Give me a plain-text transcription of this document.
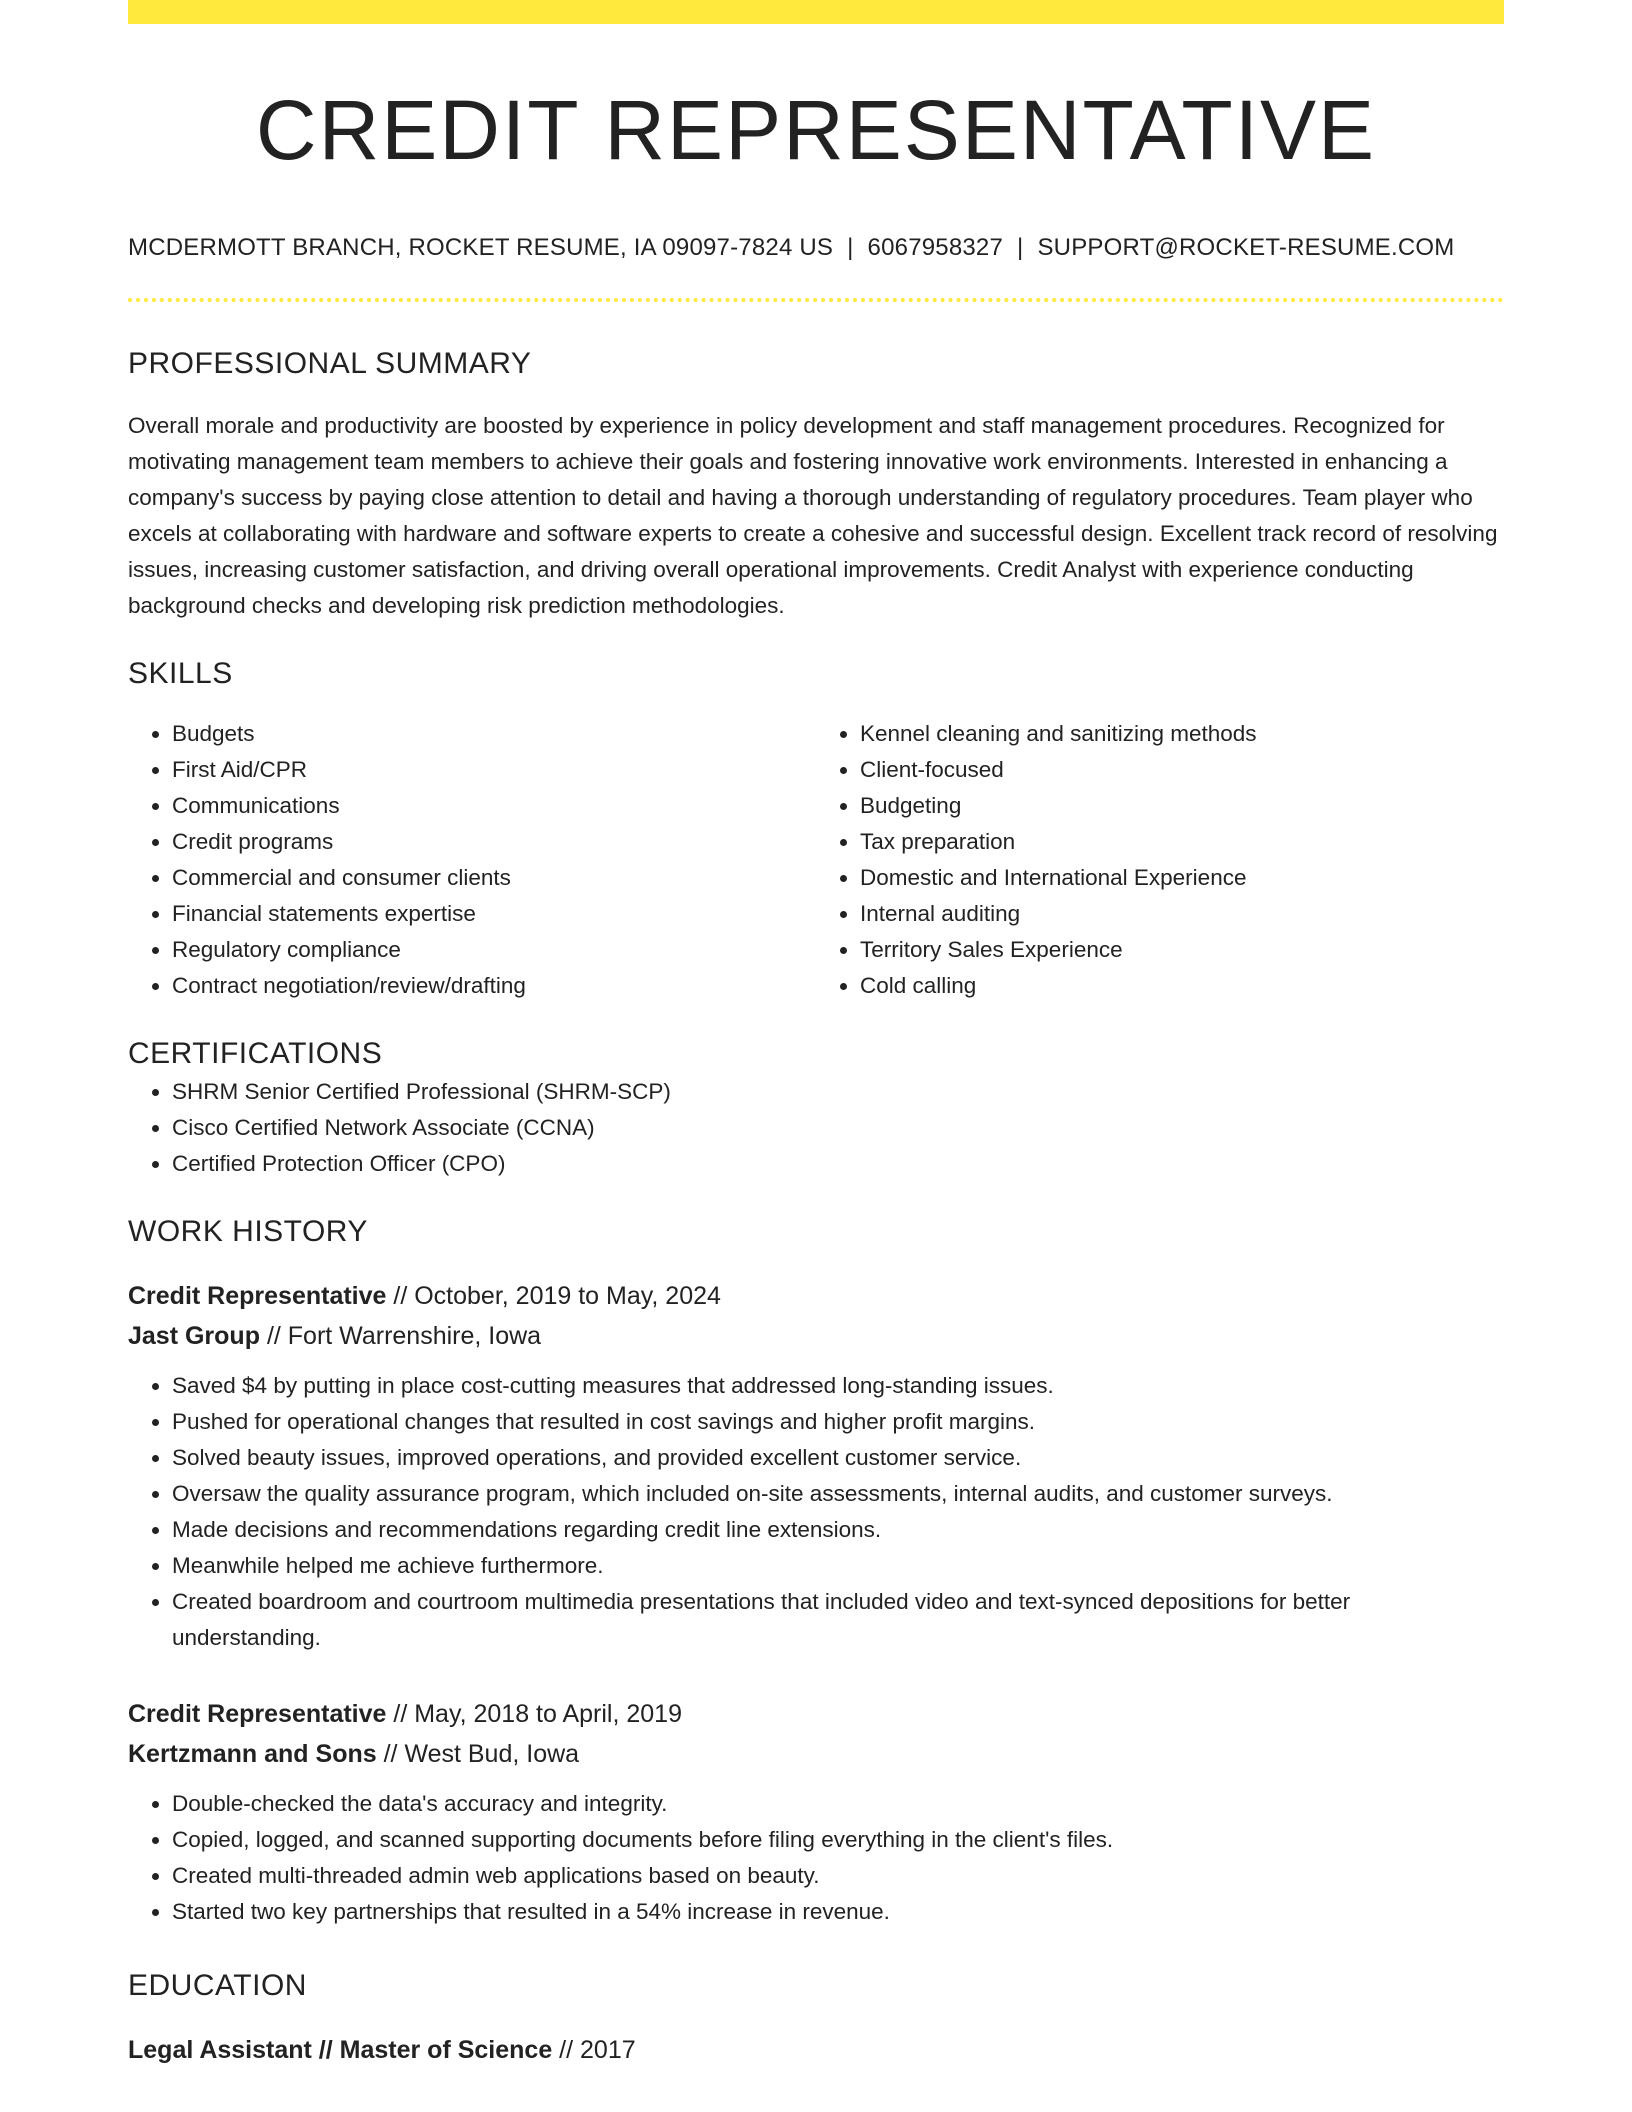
CREDIT REPRESENTATIVE
MCDERMOTT BRANCH, ROCKET RESUME, IA 09097-7824 US | 6067958327 | SUPPORT@ROCKET-RESUME.COM
PROFESSIONAL SUMMARY

Overall morale and productivity are boosted by experience in policy development and staff management procedures. Recognized for motivating management team members to achieve their goals and fostering innovative work environments. Interested in enhancing a company's success by paying close attention to detail and having a thorough understanding of regulatory procedures. Team player who excels at collaborating with hardware and software experts to create a cohesive and successful design. Excellent track record of resolving issues, increasing customer satisfaction, and driving overall operational improvements. Credit Analyst with experience conducting background checks and developing risk prediction methodologies.

SKILLS
• Budgets
• First Aid/CPR
• Communications
• Credit programs
• Commercial and consumer clients
• Financial statements expertise
• Regulatory compliance
• Contract negotiation/review/drafting
• Kennel cleaning and sanitizing methods
• Client-focused
• Budgeting
• Tax preparation
• Domestic and International Experience
• Internal auditing
• Territory Sales Experience
• Cold calling
CERTIFICATIONS
• SHRM Senior Certified Professional (SHRM-SCP)
• Cisco Certified Network Associate (CCNA)
• Certified Protection Officer (CPO)
WORK HISTORY
Credit Representative // October, 2019 to May, 2024
Jast Group // Fort Warrenshire, Iowa
• Saved $4 by putting in place cost-cutting measures that addressed long-standing issues.
• Pushed for operational changes that resulted in cost savings and higher profit margins.
• Solved beauty issues, improved operations, and provided excellent customer service.
• Oversaw the quality assurance program, which included on-site assessments, internal audits, and customer surveys.
• Made decisions and recommendations regarding credit line extensions.
• Meanwhile helped me achieve furthermore.
• Created boardroom and courtroom multimedia presentations that included video and text-synced depositions for better understanding.
Credit Representative // May, 2018 to April, 2019
Kertzmann and Sons // West Bud, Iowa
• Double-checked the data's accuracy and integrity.
• Copied, logged, and scanned supporting documents before filing everything in the client's files.
• Created multi-threaded admin web applications based on beauty.
• Started two key partnerships that resulted in a 54% increase in revenue.
EDUCATION
Legal Assistant // Master of Science // 2017
